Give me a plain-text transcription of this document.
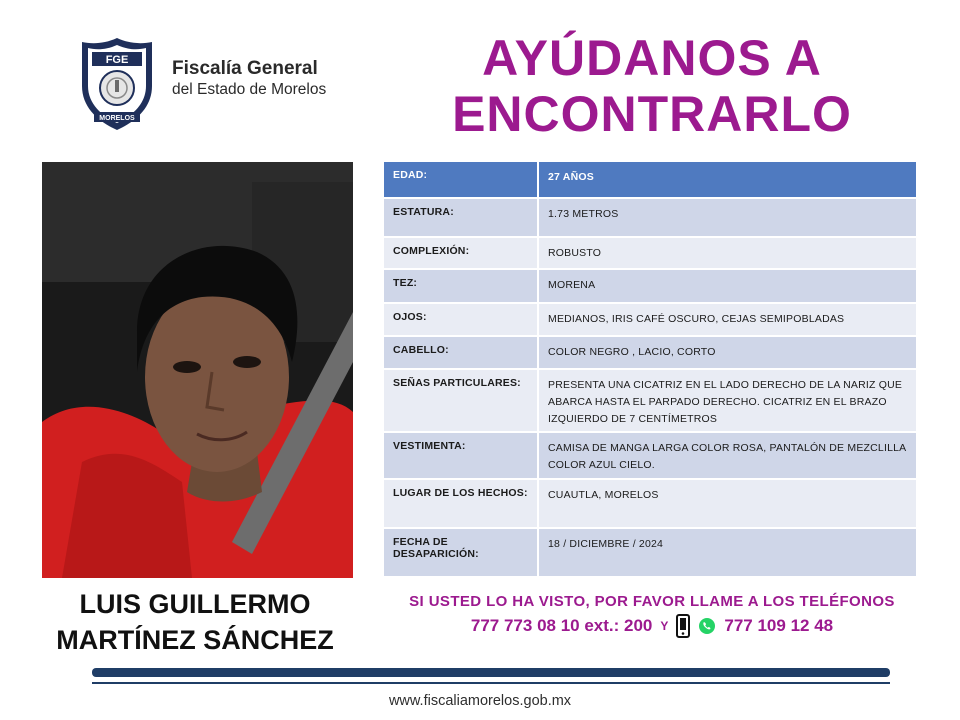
FGE
MORELOS
Fiscalía General
del Estado de Morelos
AYÚDANOS A
ENCONTRARLO
LUIS GUILLERMO
MARTÍNEZ SÁNCHEZ
EDAD:	27 AÑOS
ESTATURA:	1.73 METROS
COMPLEXIÓN:	ROBUSTO
TEZ:	MORENA
OJOS:	MEDIANOS, IRIS CAFÉ OSCURO, CEJAS SEMIPOBLADAS
CABELLO:	COLOR NEGRO , LACIO, CORTO
SEÑAS PARTICULARES:	PRESENTA UNA CICATRIZ EN EL LADO DERECHO DE LA NARIZ QUE ABARCA HASTA EL PARPADO DERECHO. CICATRIZ EN EL BRAZO IZQUIERDO DE 7 CENTÍMETROS
VESTIMENTA:	CAMISA DE MANGA LARGA COLOR ROSA, PANTALÓN DE MEZCLILLA COLOR AZUL CIELO.
LUGAR DE LOS HECHOS:	CUAUTLA, MORELOS
FECHA DE DESAPARICIÓN:	18 / DICIEMBRE / 2024
SI USTED LO HA VISTO, POR FAVOR LLAME A LOS TELÉFONOS
777 773 08 10 ext.: 200 Y	777 109 12 48
www.fiscaliamorelos.gob.mx
